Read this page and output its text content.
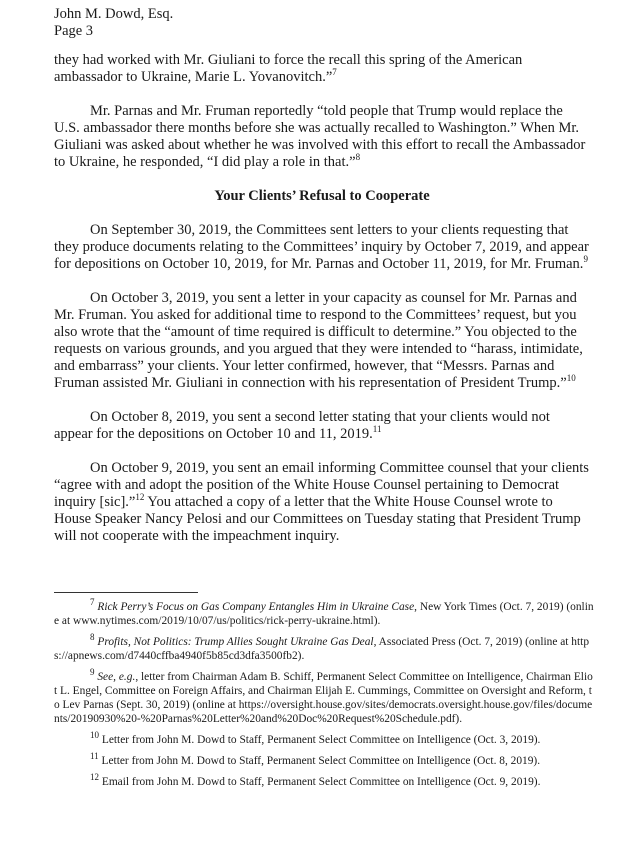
John M. Dowd, Esq.
Page 3

they had worked with Mr. Giuliani to force the recall this spring of the American ambassador to Ukraine, Marie L. Yovanovitch.”$^7$

Mr. Parnas and Mr. Fruman reportedly “told people that Trump would replace the U.S. ambassador there months before she was actually recalled to Washington.” When Mr. Giuliani was asked about whether he was involved with this effort to recall the Ambassador to Ukraine, he responded, “I did play a role in that.”$^8$

Your Clients’ Refusal to Cooperate

On September 30, 2019, the Committees sent letters to your clients requesting that they produce documents relating to the Committees’ inquiry by October 7, 2019, and appear for depositions on October 10, 2019, for Mr. Parnas and October 11, 2019, for Mr. Fruman.$^9$

On October 3, 2019, you sent a letter in your capacity as counsel for Mr. Parnas and Mr. Fruman. You asked for additional time to respond to the Committees’ request, but you also wrote that the “amount of time required is difficult to determine.” You objected to the requests on various grounds, and you argued that they were intended to “harass, intimidate, and embarrass” your clients. Your letter confirmed, however, that “Messrs. Parnas and Fruman assisted Mr. Giuliani in connection with his representation of President Trump.”$^{10}$

On October 8, 2019, you sent a second letter stating that your clients would not appear for the depositions on October 10 and 11, 2019.11

On October 9, 2019, you sent an email informing Committee counsel that your clients “agree with and adopt the position of the White House Counsel pertaining to Democrat inquiry [sic].”$^{12}$ You attached a copy of a letter that the White House Counsel wrote to House Speaker Nancy Pelosi and our Committees on Tuesday stating that President Trump will not cooperate with the impeachment inquiry.

$^7$ Rick Perry’s Focus on Gas Company Entangles Him in Ukraine Case, New York Times (Oct. 7, 2019) (online at www.nytimes.com/2019/10/07/us/politics/rick-perry-ukraine.html).
$^8$ Profits, Not Politics: Trump Allies Sought Ukraine Gas Deal, Associated Press (Oct. 7, 2019) (online at https://apnews.com/d7440cffba4940f5b85cd3dfa3500fb2).
$^9$ See, e.g., letter from Chairman Adam B. Schiff, Permanent Select Committee on Intelligence, Chairman Eliot L. Engel, Committee on Foreign Affairs, and Chairman Elijah E. Cummings, Committee on Oversight and Reform, to Lev Parnas (Sept. 30, 2019) (online at https://oversight.house.gov/sites/democrats.oversight.house.gov/files/documents/20190930%20-%20Parnas%20Letter%20and%20Doc%20Request%20Schedule.pdf).
$^{10}$ Letter from John M. Dowd to Staff, Permanent Select Committee on Intelligence (Oct. 3, 2019).
$^{11}$ Letter from John M. Dowd to Staff, Permanent Select Committee on Intelligence (Oct. 8, 2019).
$^{12}$ Email from John M. Dowd to Staff, Permanent Select Committee on Intelligence (Oct. 9, 2019).
